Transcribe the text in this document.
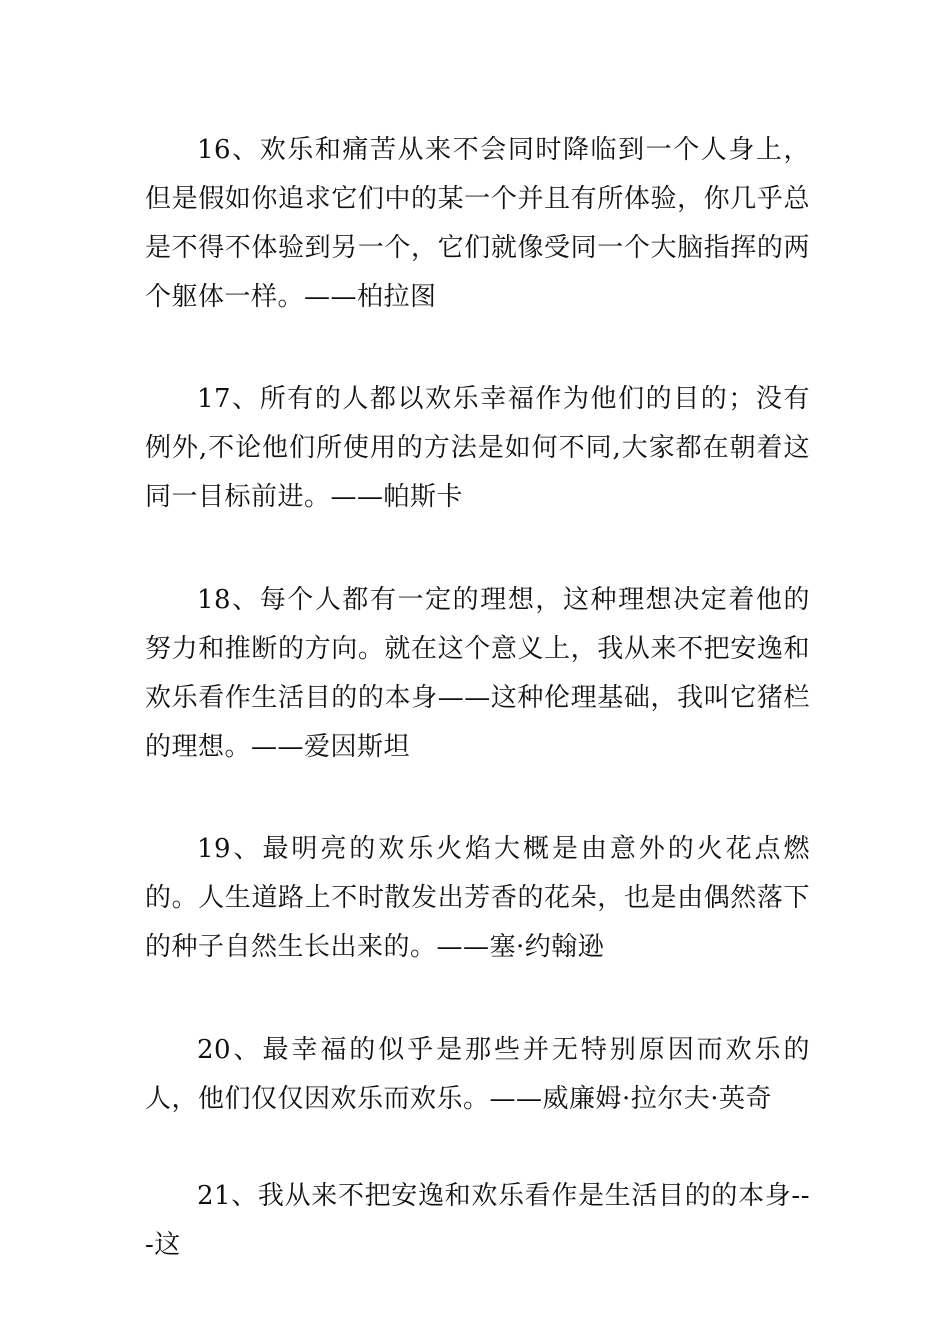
16、欢乐和痛苦从来不会同时降临到一个人身上，但是假如你追求它们中的某一个并且有所体验，你几乎总是不得不体验到另一个，它们就像受同一个大脑指挥的两个躯体一样。——柏拉图

17、所有的人都以欢乐幸福作为他们的目的；没有例外,不论他们所使用的方法是如何不同,大家都在朝着这同一目标前进。——帕斯卡

18、每个人都有一定的理想，这种理想决定着他的努力和推断的方向。就在这个意义上，我从来不把安逸和欢乐看作生活目的的本身——这种伦理基础，我叫它猪栏的理想。——爱因斯坦

19、最明亮的欢乐火焰大概是由意外的火花点燃的。人生道路上不时散发出芳香的花朵，也是由偶然落下的种子自然生长出来的。——塞·约翰逊

20、最幸福的似乎是那些并无特别原因而欢乐的人，他们仅仅因欢乐而欢乐。——威廉姆·拉尔夫·英奇

21、我从来不把安逸和欢乐看作是生活目的的本身---这
